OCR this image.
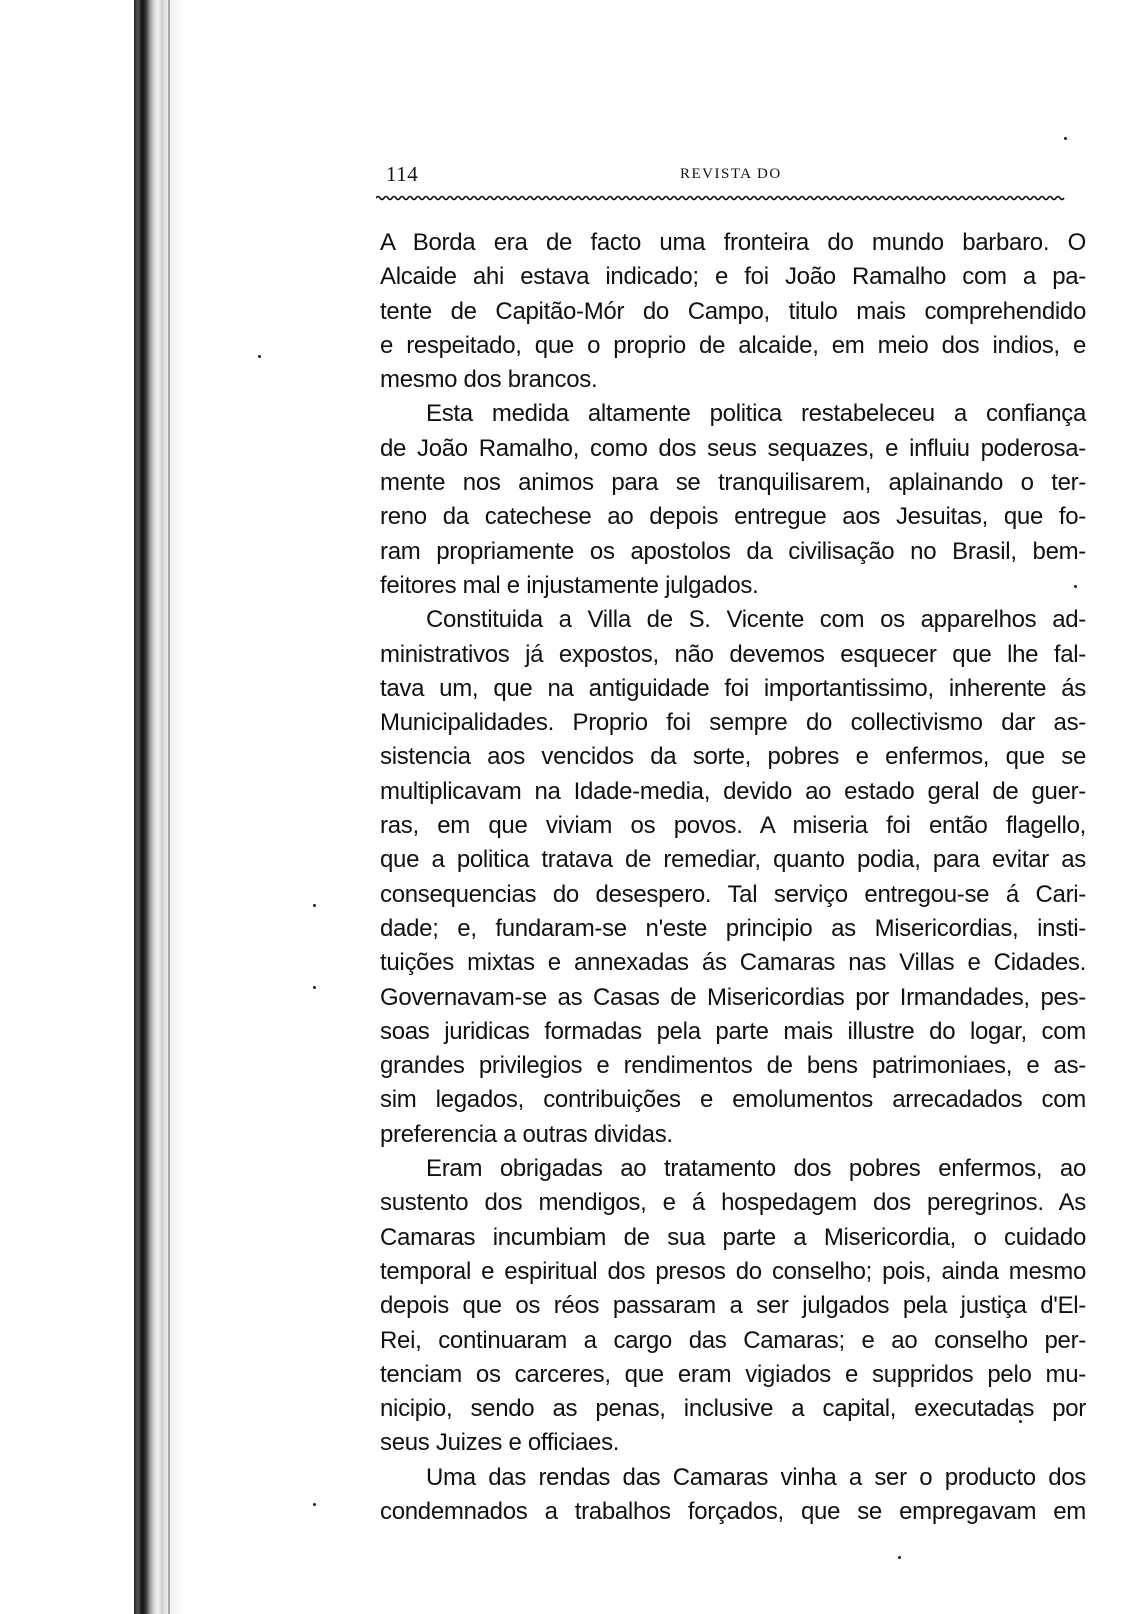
114	REVISTA DO
A Borda era de facto uma fronteira do mundo barbaro. O
Alcaide ahi estava indicado; e foi João Ramalho com a pa-
tente de Capitão-Mór do Campo, titulo mais comprehendido
e respeitado, que o proprio de alcaide, em meio dos indios, e
mesmo dos brancos.
Esta medida altamente politica restabeleceu a confiança
de João Ramalho, como dos seus sequazes, e influiu poderosa-
mente nos animos para se tranquilisarem, aplainando o ter-
reno da catechese ao depois entregue aos Jesuitas, que fo-
ram propriamente os apostolos da civilisação no Brasil, bem-
feitores mal e injustamente julgados.
Constituida a Villa de S. Vicente com os apparelhos ad-
ministrativos já expostos, não devemos esquecer que lhe fal-
tava um, que na antiguidade foi importantissimo, inherente ás
Municipalidades. Proprio foi sempre do collectivismo dar as-
sistencia aos vencidos da sorte, pobres e enfermos, que se
multiplicavam na Idade-media, devido ao estado geral de guer-
ras, em que viviam os povos. A miseria foi então flagello,
que a politica tratava de remediar, quanto podia, para evitar as
consequencias do desespero. Tal serviço entregou-se á Cari-
dade; e, fundaram-se n'este principio as Misericordias, insti-
tuições mixtas e annexadas ás Camaras nas Villas e Cidades.
Governavam-se as Casas de Misericordias por Irmandades, pes-
soas juridicas formadas pela parte mais illustre do logar, com
grandes privilegios e rendimentos de bens patrimoniaes, e as-
sim legados, contribuições e emolumentos arrecadados com
preferencia a outras dividas.
Eram obrigadas ao tratamento dos pobres enfermos, ao
sustento dos mendigos, e á hospedagem dos peregrinos. As
Camaras incumbiam de sua parte a Misericordia, o cuidado
temporal e espiritual dos presos do conselho; pois, ainda mesmo
depois que os réos passaram a ser julgados pela justiça d'El-
Rei, continuaram a cargo das Camaras; e ao conselho per-
tenciam os carceres, que eram vigiados e suppridos pelo mu-
nicipio, sendo as penas, inclusive a capital, executadas por
seus Juizes e officiaes.
Uma das rendas das Camaras vinha a ser o producto dos
condemnados a trabalhos forçados, que se empregavam em
